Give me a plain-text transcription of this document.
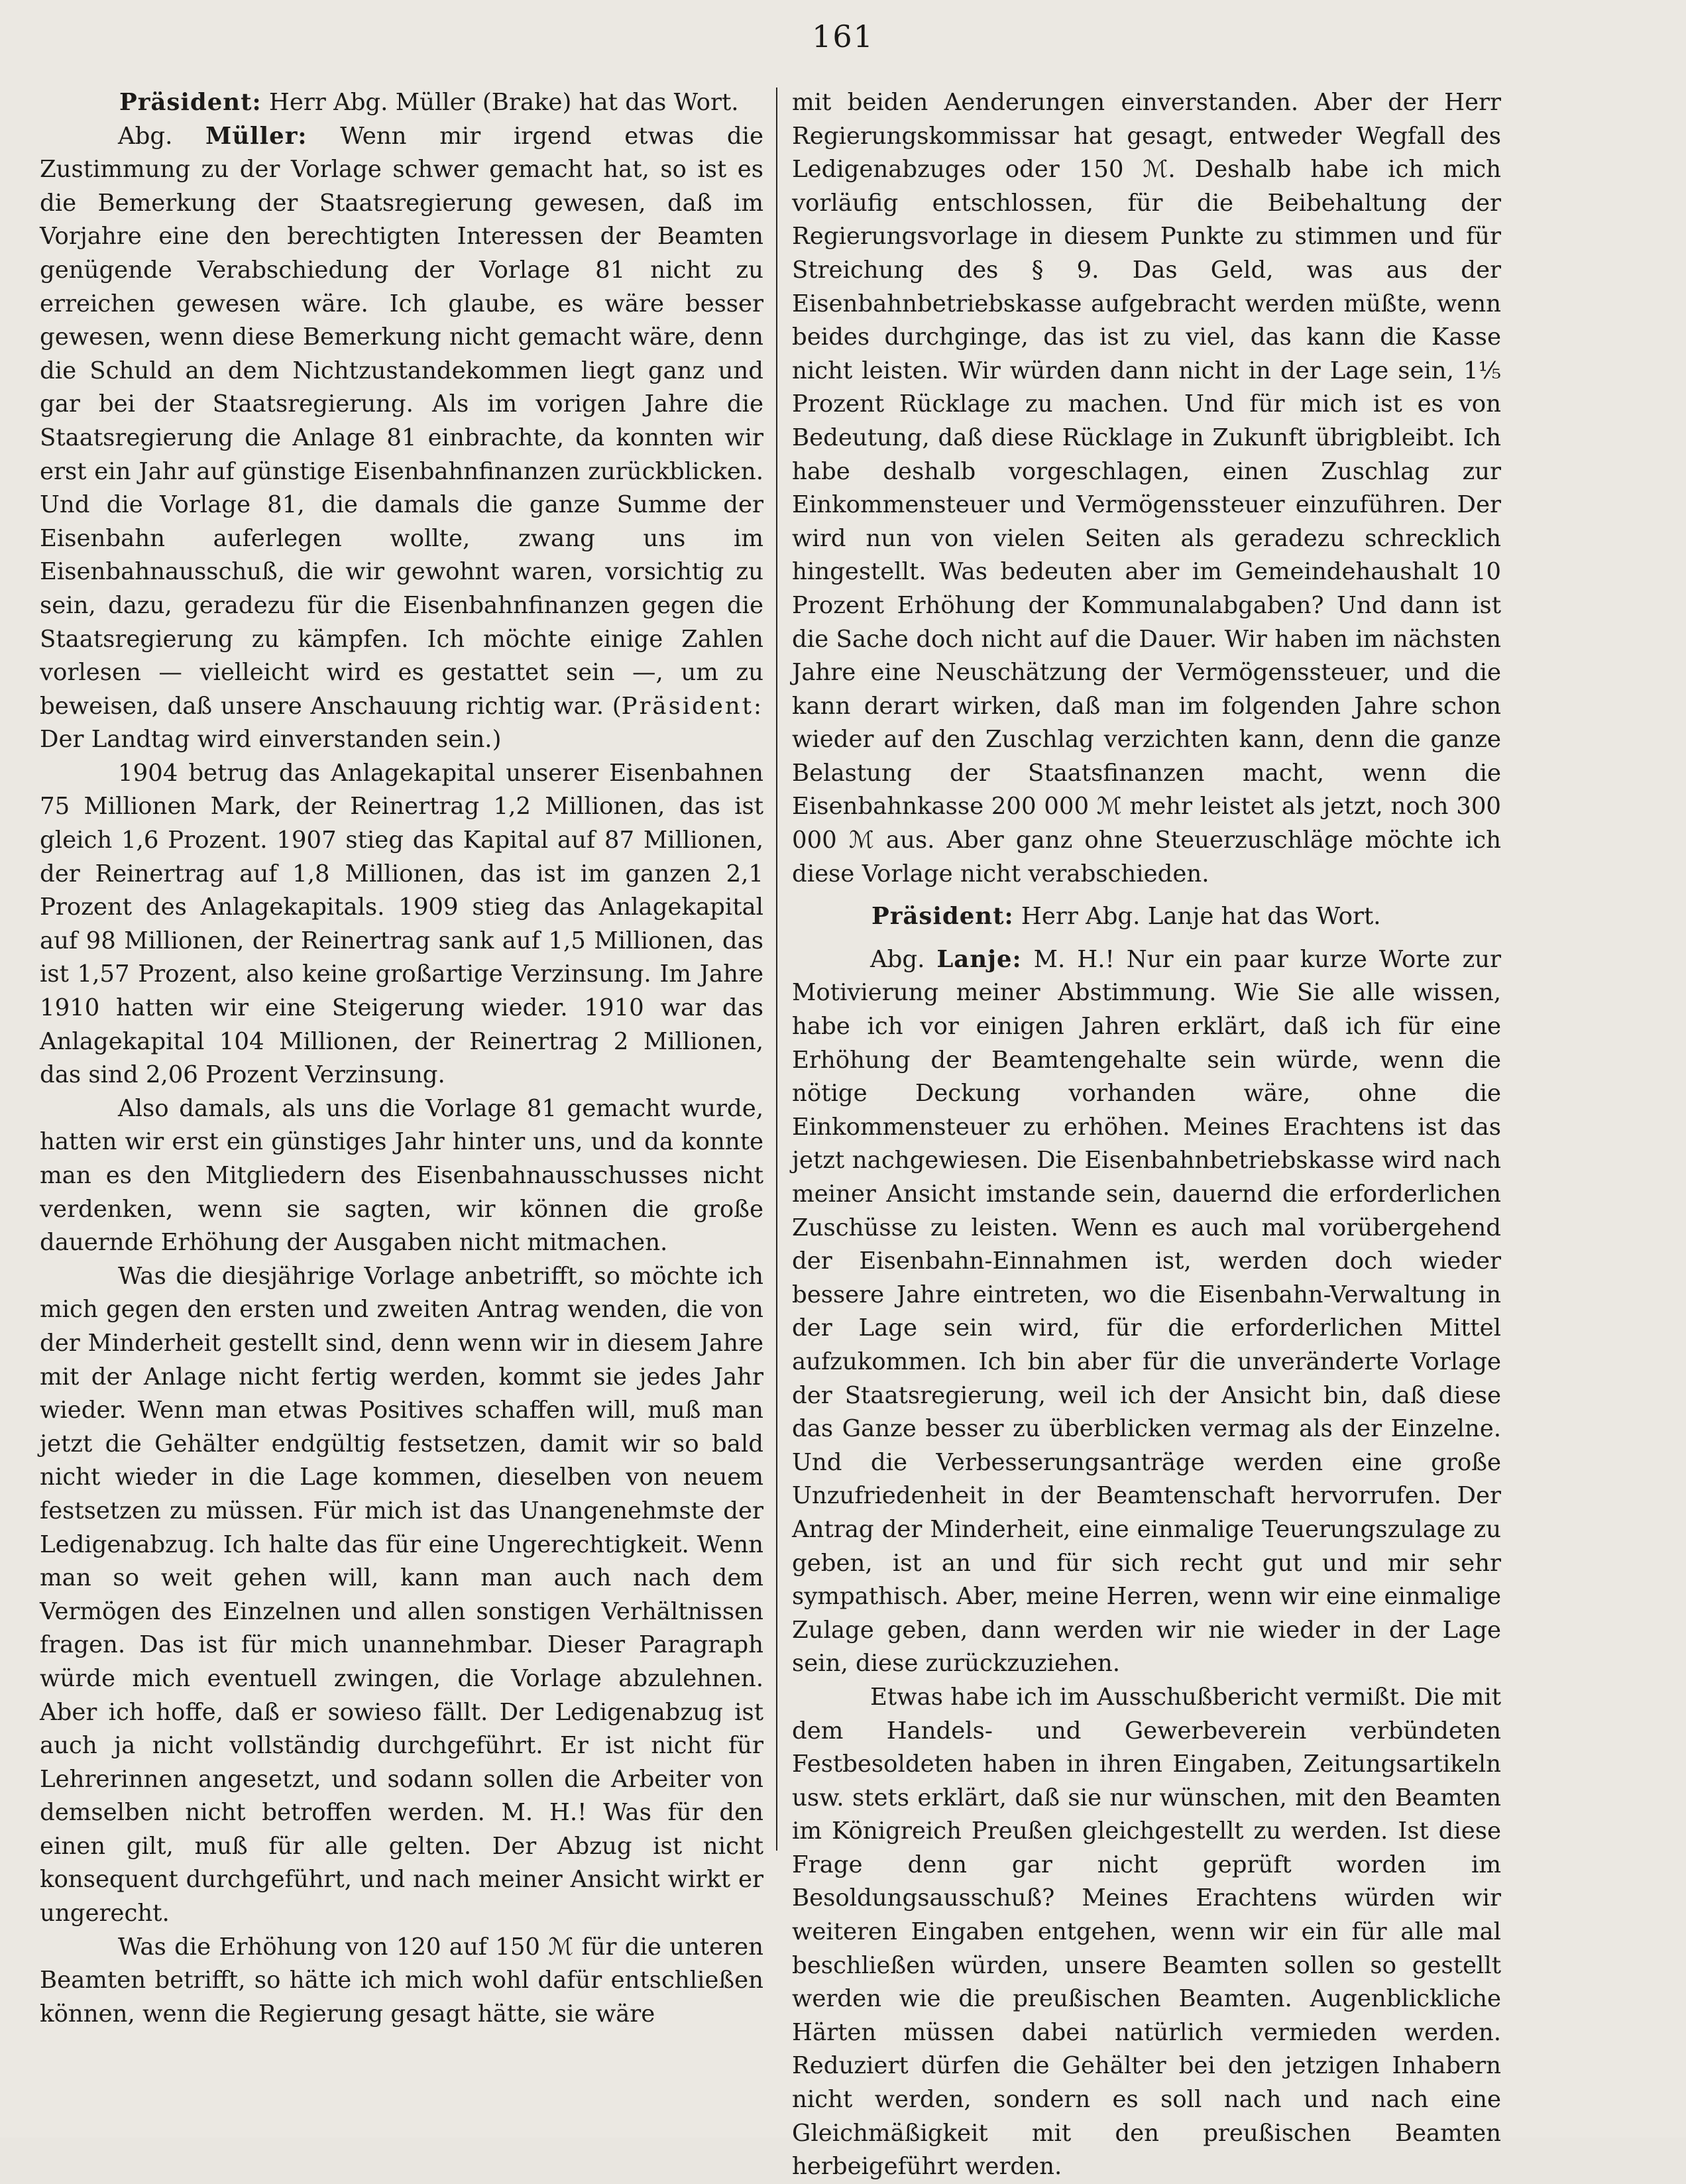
161

Präsident: Herr Abg. Müller (Brake) hat das Wort.

Abg. Müller: Wenn mir irgend etwas die Zustimmung zu der Vorlage schwer gemacht hat, so ist es die Bemerkung der Staatsregierung gewesen, daß im Vorjahre eine den berechtigten Interessen der Beamten genügende Verabschiedung der Vorlage 81 nicht zu erreichen gewesen wäre. Ich glaube, es wäre besser gewesen, wenn diese Bemerkung nicht gemacht wäre, denn die Schuld an dem Nichtzustandekommen liegt ganz und gar bei der Staatsregierung. Als im vorigen Jahre die Staatsregierung die Anlage 81 einbrachte, da konnten wir erst ein Jahr auf günstige Eisenbahnfinanzen zurückblicken. Und die Vorlage 81, die damals die ganze Summe der Eisenbahn auferlegen wollte, zwang uns im Eisenbahnausschuß, die wir gewohnt waren, vorsichtig zu sein, dazu, geradezu für die Eisenbahnfinanzen gegen die Staatsregierung zu kämpfen. Ich möchte einige Zahlen vorlesen — vielleicht wird es gestattet sein —, um zu beweisen, daß unsere Anschauung richtig war. (Präsident: Der Landtag wird einverstanden sein.)

1904 betrug das Anlagekapital unserer Eisenbahnen 75 Millionen Mark, der Reinertrag 1,2 Millionen, das ist gleich 1,6 Prozent. 1907 stieg das Kapital auf 87 Millionen, der Reinertrag auf 1,8 Millionen, das ist im ganzen 2,1 Prozent des Anlagekapitals. 1909 stieg das Anlagekapital auf 98 Millionen, der Reinertrag sank auf 1,5 Millionen, das ist 1,57 Prozent, also keine großartige Verzinsung. Im Jahre 1910 hatten wir eine Steigerung wieder. 1910 war das Anlagekapital 104 Millionen, der Reinertrag 2 Millionen, das sind 2,06 Prozent Verzinsung.

Also damals, als uns die Vorlage 81 gemacht wurde, hatten wir erst ein günstiges Jahr hinter uns, und da konnte man es den Mitgliedern des Eisenbahnausschusses nicht verdenken, wenn sie sagten, wir können die große dauernde Erhöhung der Ausgaben nicht mitmachen.

Was die diesjährige Vorlage anbetrifft, so möchte ich mich gegen den ersten und zweiten Antrag wenden, die von der Minderheit gestellt sind, denn wenn wir in diesem Jahre mit der Anlage nicht fertig werden, kommt sie jedes Jahr wieder. Wenn man etwas Positives schaffen will, muß man jetzt die Gehälter endgültig festsetzen, damit wir so bald nicht wieder in die Lage kommen, dieselben von neuem festsetzen zu müssen. Für mich ist das Unangenehmste der Ledigenabzug. Ich halte das für eine Ungerechtigkeit. Wenn man so weit gehen will, kann man auch nach dem Vermögen des Einzelnen und allen sonstigen Verhältnissen fragen. Das ist für mich unannehmbar. Dieser Paragraph würde mich eventuell zwingen, die Vorlage abzulehnen. Aber ich hoffe, daß er sowieso fällt. Der Ledigenabzug ist auch ja nicht vollständig durchgeführt. Er ist nicht für Lehrerinnen angesetzt, und sodann sollen die Arbeiter von demselben nicht betroffen werden. M. H.! Was für den einen gilt, muß für alle gelten. Der Abzug ist nicht konsequent durchgeführt, und nach meiner Ansicht wirkt er ungerecht.

Was die Erhöhung von 120 auf 150 ℳ für die unteren Beamten betrifft, so hätte ich mich wohl dafür entschließen können, wenn die Regierung gesagt hätte, sie wäre

mit beiden Aenderungen einverstanden. Aber der Herr Regierungskommissar hat gesagt, entweder Wegfall des Ledigenabzuges oder 150 ℳ. Deshalb habe ich mich vorläufig entschlossen, für die Beibehaltung der Regierungsvorlage in diesem Punkte zu stimmen und für Streichung des § 9. Das Geld, was aus der Eisenbahnbetriebskasse aufgebracht werden müßte, wenn beides durchginge, das ist zu viel, das kann die Kasse nicht leisten. Wir würden dann nicht in der Lage sein, 1⅕ Prozent Rücklage zu machen. Und für mich ist es von Bedeutung, daß diese Rücklage in Zukunft übrigbleibt. Ich habe deshalb vorgeschlagen, einen Zuschlag zur Einkommensteuer und Vermögenssteuer einzuführen. Der wird nun von vielen Seiten als geradezu schrecklich hingestellt. Was bedeuten aber im Gemeindehaushalt 10 Prozent Erhöhung der Kommunalabgaben? Und dann ist die Sache doch nicht auf die Dauer. Wir haben im nächsten Jahre eine Neuschätzung der Vermögenssteuer, und die kann derart wirken, daß man im folgenden Jahre schon wieder auf den Zuschlag verzichten kann, denn die ganze Belastung der Staatsfinanzen macht, wenn die Eisenbahnkasse 200 000 ℳ mehr leistet als jetzt, noch 300 000 ℳ aus. Aber ganz ohne Steuerzuschläge möchte ich diese Vorlage nicht verabschieden.

Präsident: Herr Abg. Lanje hat das Wort.

Abg. Lanje: M. H.! Nur ein paar kurze Worte zur Motivierung meiner Abstimmung. Wie Sie alle wissen, habe ich vor einigen Jahren erklärt, daß ich für eine Erhöhung der Beamtengehalte sein würde, wenn die nötige Deckung vorhanden wäre, ohne die Einkommensteuer zu erhöhen. Meines Erachtens ist das jetzt nachgewiesen. Die Eisenbahnbetriebskasse wird nach meiner Ansicht imstande sein, dauernd die erforderlichen Zuschüsse zu leisten. Wenn es auch mal vorübergehend der Eisenbahn-Einnahmen ist, werden doch wieder bessere Jahre eintreten, wo die Eisenbahn-Verwaltung in der Lage sein wird, für die erforderlichen Mittel aufzukommen. Ich bin aber für die unveränderte Vorlage der Staatsregierung, weil ich der Ansicht bin, daß diese das Ganze besser zu überblicken vermag als der Einzelne. Und die Verbesserungsanträge werden eine große Unzufriedenheit in der Beamtenschaft hervorrufen. Der Antrag der Minderheit, eine einmalige Teuerungszulage zu geben, ist an und für sich recht gut und mir sehr sympathisch. Aber, meine Herren, wenn wir eine einmalige Zulage geben, dann werden wir nie wieder in der Lage sein, diese zurückzuziehen.

Etwas habe ich im Ausschußbericht vermißt. Die mit dem Handels- und Gewerbeverein verbündeten Festbesoldeten haben in ihren Eingaben, Zeitungsartikeln usw. stets erklärt, daß sie nur wünschen, mit den Beamten im Königreich Preußen gleichgestellt zu werden. Ist diese Frage denn gar nicht geprüft worden im Besoldungsausschuß? Meines Erachtens würden wir weiteren Eingaben entgehen, wenn wir ein für alle mal beschließen würden, unsere Beamten sollen so gestellt werden wie die preußischen Beamten. Augenblickliche Härten müssen dabei natürlich vermieden werden. Reduziert dürfen die Gehälter bei den jetzigen Inhabern nicht werden, sondern es soll nach und nach eine Gleichmäßigkeit mit den preußischen Beamten herbeigeführt werden.
